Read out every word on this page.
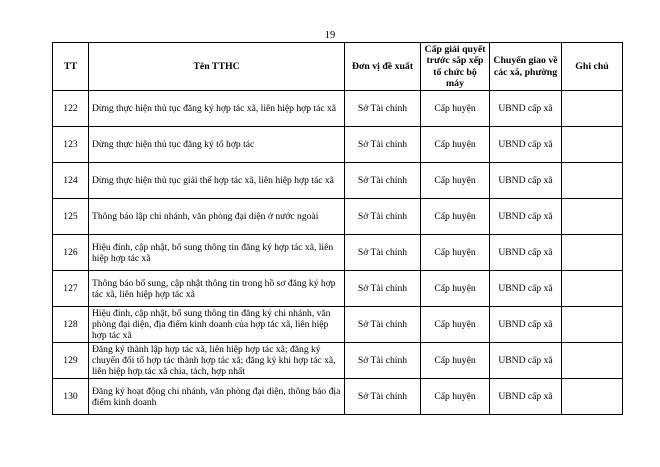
19
TT	Tên TTHC	Đơn vị đề xuất	Cấp giải quyết trước sắp xếp tổ chức bộ máy	Chuyển giao về các xã, phường	Ghi chú
122	Dừng thực hiện thủ tục đăng ký hợp tác xã, liên hiệp hợp tác xã	Sở Tài chính	Cấp huyện	UBND cấp xã	
123	Dừng thực hiện thủ tục đăng ký tổ hợp tác	Sở Tài chính	Cấp huyện	UBND cấp xã	
124	Dừng thực hiện thủ tục giải thể hợp tác xã, liên hiệp hợp tác xã	Sở Tài chính	Cấp huyện	UBND cấp xã	
125	Thông báo lập chi nhánh, văn phòng đại diện ở nước ngoài	Sở Tài chính	Cấp huyện	UBND cấp xã	
126	Hiệu đính, cập nhật, bổ sung thông tin đăng ký hợp tác xã, liên hiệp hợp tác xã	Sở Tài chính	Cấp huyện	UBND cấp xã	
127	Thông báo bổ sung, cập nhật thông tin trong hồ sơ đăng ký hợp tác xã, liên hiệp hợp tác xã	Sở Tài chính	Cấp huyện	UBND cấp xã	
128	Hiệu đính, cập nhật, bổ sung thông tin đăng ký chi nhánh, văn phòng đại diện, địa điểm kinh doanh của hợp tác xã, liên hiệp hợp tác xã	Sở Tài chính	Cấp huyện	UBND cấp xã	
129	Đăng ký thành lập hợp tác xã, liên hiệp hợp tác xã; đăng ký chuyển đổi tổ hợp tác thành hợp tác xã; đăng ký khi hợp tác xã, liên hiệp hợp tác xã chia, tách, hợp nhất	Sở Tài chính	Cấp huyện	UBND cấp xã	
130	Đăng ký hoạt động chi nhánh, văn phòng đại diện, thông báo địa điểm kinh doanh	Sở Tài chính	Cấp huyện	UBND cấp xã	
